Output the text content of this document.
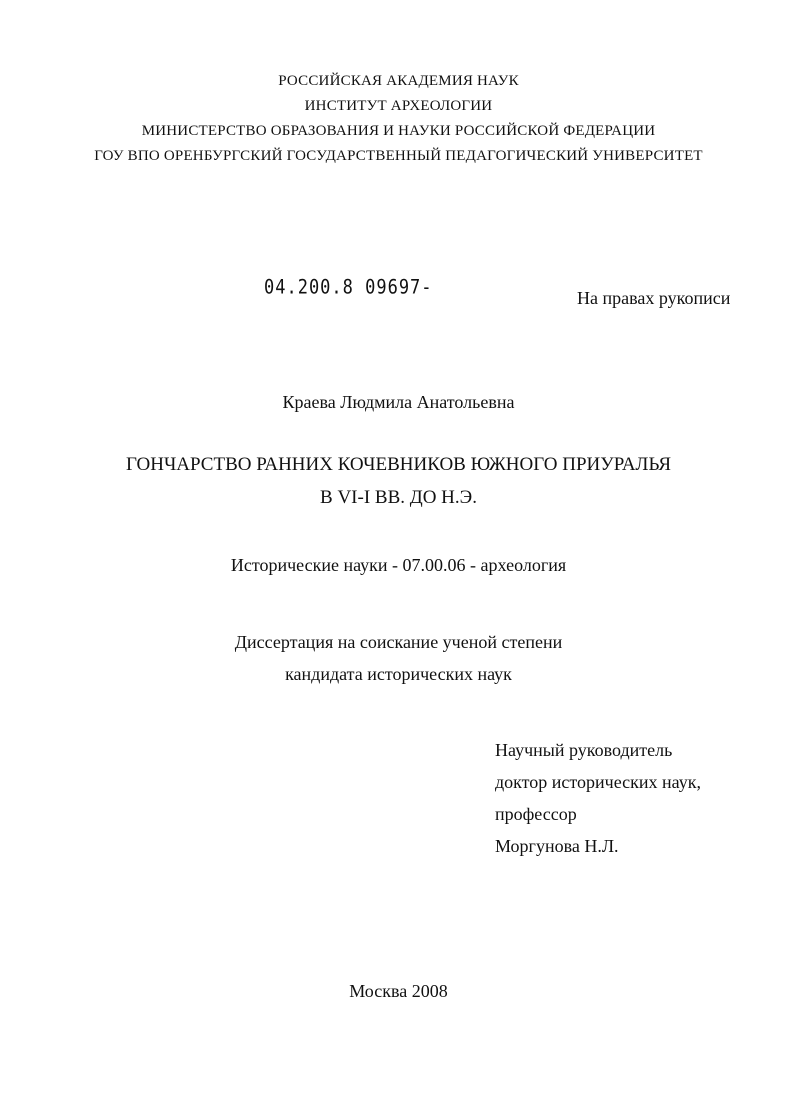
РОССИЙСКАЯ АКАДЕМИЯ НАУК
ИНСТИТУТ АРХЕОЛОГИИ
МИНИСТЕРСТВО ОБРАЗОВАНИЯ И НАУКИ РОССИЙСКОЙ ФЕДЕРАЦИИ
ГОУ ВПО ОРЕНБУРГСКИЙ ГОСУДАРСТВЕННЫЙ ПЕДАГОГИЧЕСКИЙ УНИВЕРСИТЕТ
04.200.8 09697-	На правах рукописи
Краева Людмила Анатольевна
ГОНЧАРСТВО РАННИХ КОЧЕВНИКОВ ЮЖНОГО ПРИУРАЛЬЯ
В VI-I ВВ. ДО Н.Э.
Исторические науки - 07.00.06 - археология
Диссертация на соискание ученой степени
кандидата исторических наук
Научный руководитель
доктор исторических наук,
профессор
Моргунова Н.Л.
Москва 2008
